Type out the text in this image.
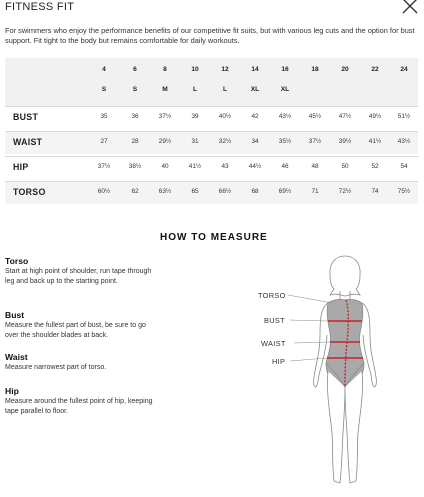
FITNESS FIT
For swimmers who enjoy the performance benefits of our competitive fit suits, but with various leg cuts and the option for bust support. Fit tight to the body but remains comfortable for daily workouts.
4	6	8	10	12	14	16	18	20	22	24
S	S	M	L	L	XL	XL
BUST	35	36	37½	39	40½	42	43½	45½	47½	49½	51½
WAIST	27	28	29½	31	32½	34	35½	37½	39½	41½	43½
HIP	37½	38½	40	41½	43	44½	46	48	50	52	54
TORSO	60½	62	63½	65	66½	68	69½	71	72½	74	75½
HOW TO MEASURE
Torso
Start at high point of shoulder, run tape through leg and back up to the starting point.
Bust
Measure the fullest part of bust, be sure to go over the shoulder blades at back.
Waist
Measure narrowest part of torso.
Hip
Measure around the fullest point of hip, keeping tape parallel to floor.
TORSO
BUST
WAIST
HIP
